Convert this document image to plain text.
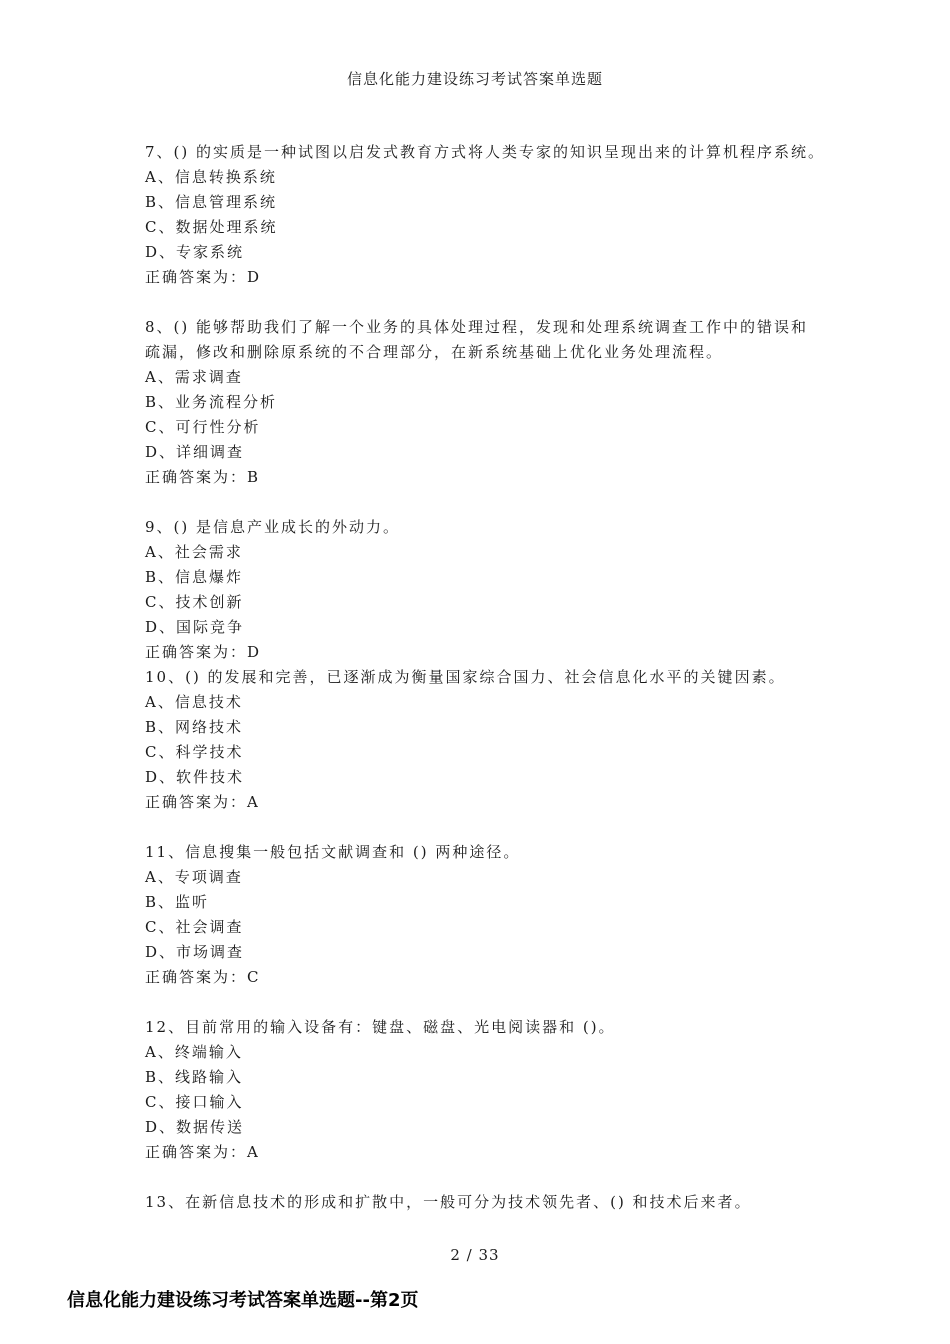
信息化能力建设练习考试答案单选题
7、() 的实质是一种试图以启发式教育方式将人类专家的知识呈现出来的计算机程序系统。
A、信息转换系统
B、信息管理系统
C、数据处理系统
D、专家系统
正确答案为：D
8、() 能够帮助我们了解一个业务的具体处理过程，发现和处理系统调查工作中的错误和疏漏，修改和删除原系统的不合理部分，在新系统基础上优化业务处理流程。
A、需求调查
B、业务流程分析
C、可行性分析
D、详细调查
正确答案为：B
9、() 是信息产业成长的外动力。
A、社会需求
B、信息爆炸
C、技术创新
D、国际竞争
正确答案为：D
10、() 的发展和完善，已逐渐成为衡量国家综合国力、社会信息化水平的关键因素。
A、信息技术
B、网络技术
C、科学技术
D、软件技术
正确答案为：A
11、信息搜集一般包括文献调查和 () 两种途径。
A、专项调查
B、监听
C、社会调查
D、市场调查
正确答案为：C
12、目前常用的输入设备有：键盘、磁盘、光电阅读器和 ()。
A、终端输入
B、线路输入
C、接口输入
D、数据传送
正确答案为：A
13、在新信息技术的形成和扩散中，一般可分为技术领先者、() 和技术后来者。
2 / 33
信息化能力建设练习考试答案单选题--第2页
